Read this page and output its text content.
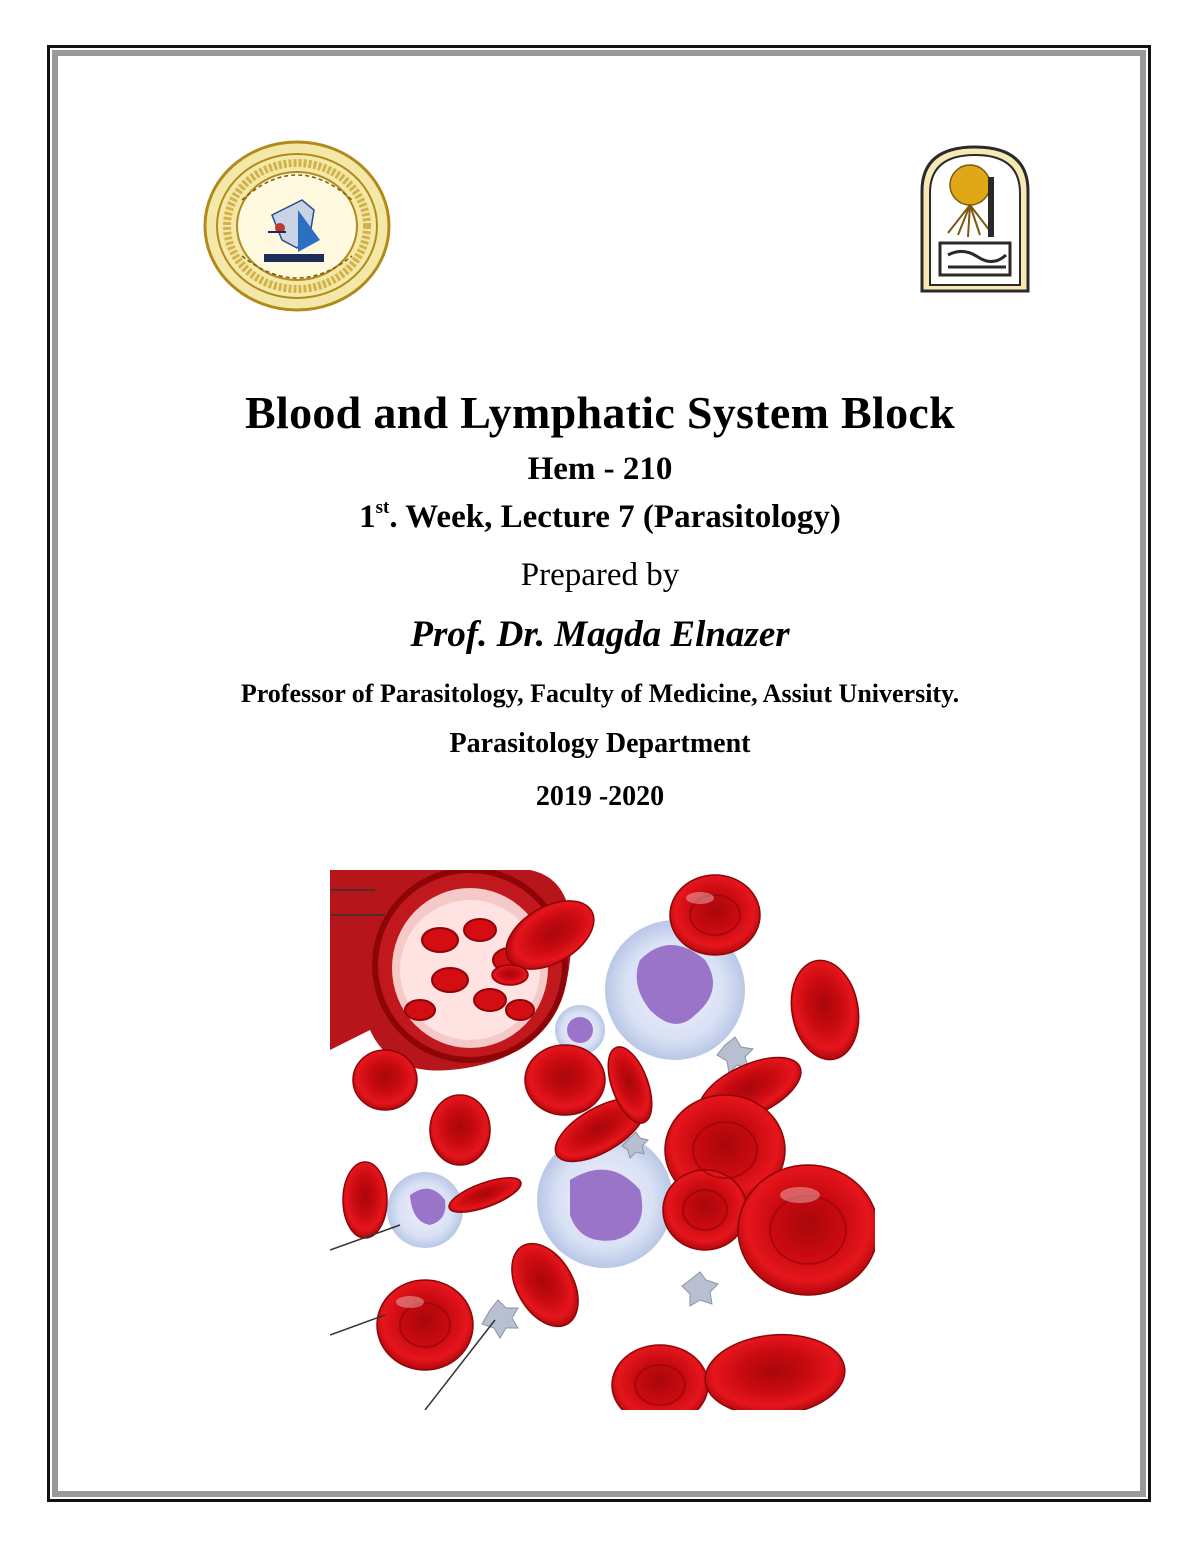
Blood and Lymphatic System Block
Hem - 210
1st. Week, Lecture 7 (Parasitology)
Prepared by
Prof. Dr. Magda Elnazer
Professor of Parasitology, Faculty of Medicine, Assiut University.
Parasitology Department
2019 -2020
